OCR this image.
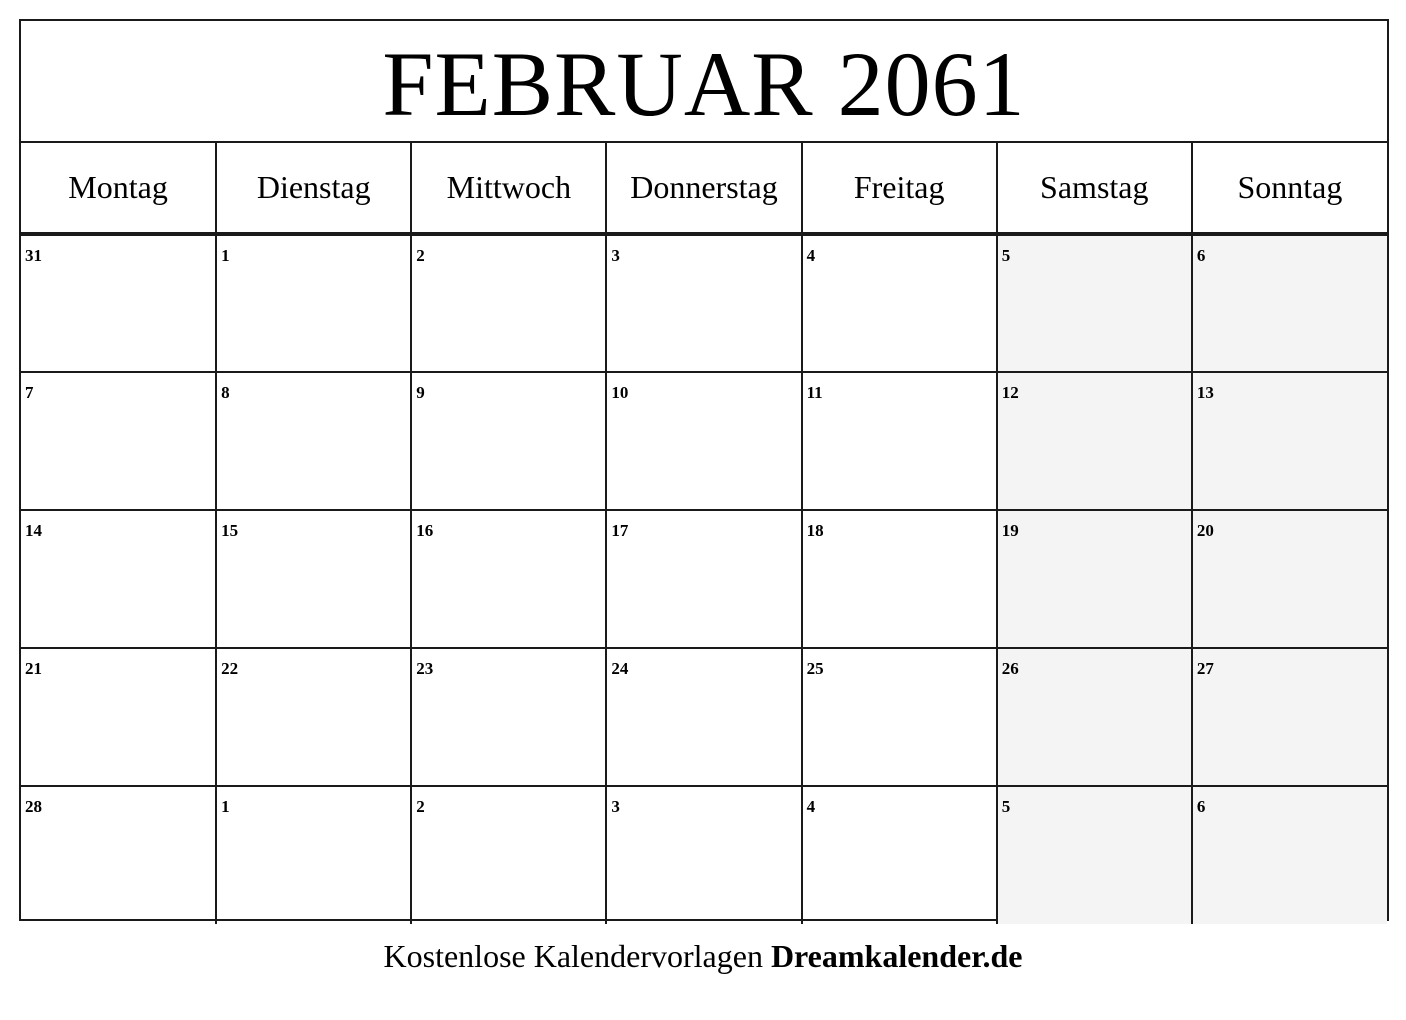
FEBRUAR 2061
Montag	Dienstag	Mittwoch	Donnerstag	Freitag	Samstag	Sonntag

31	1	2	3	4	5	6

7	8	9	10	11	12	13

14	15	16	17	18	19	20

21	22	23	24	25	26	27

28	1	2	3	4	5	6
Kostenlose Kalendervorlagen Dreamkalender.de
